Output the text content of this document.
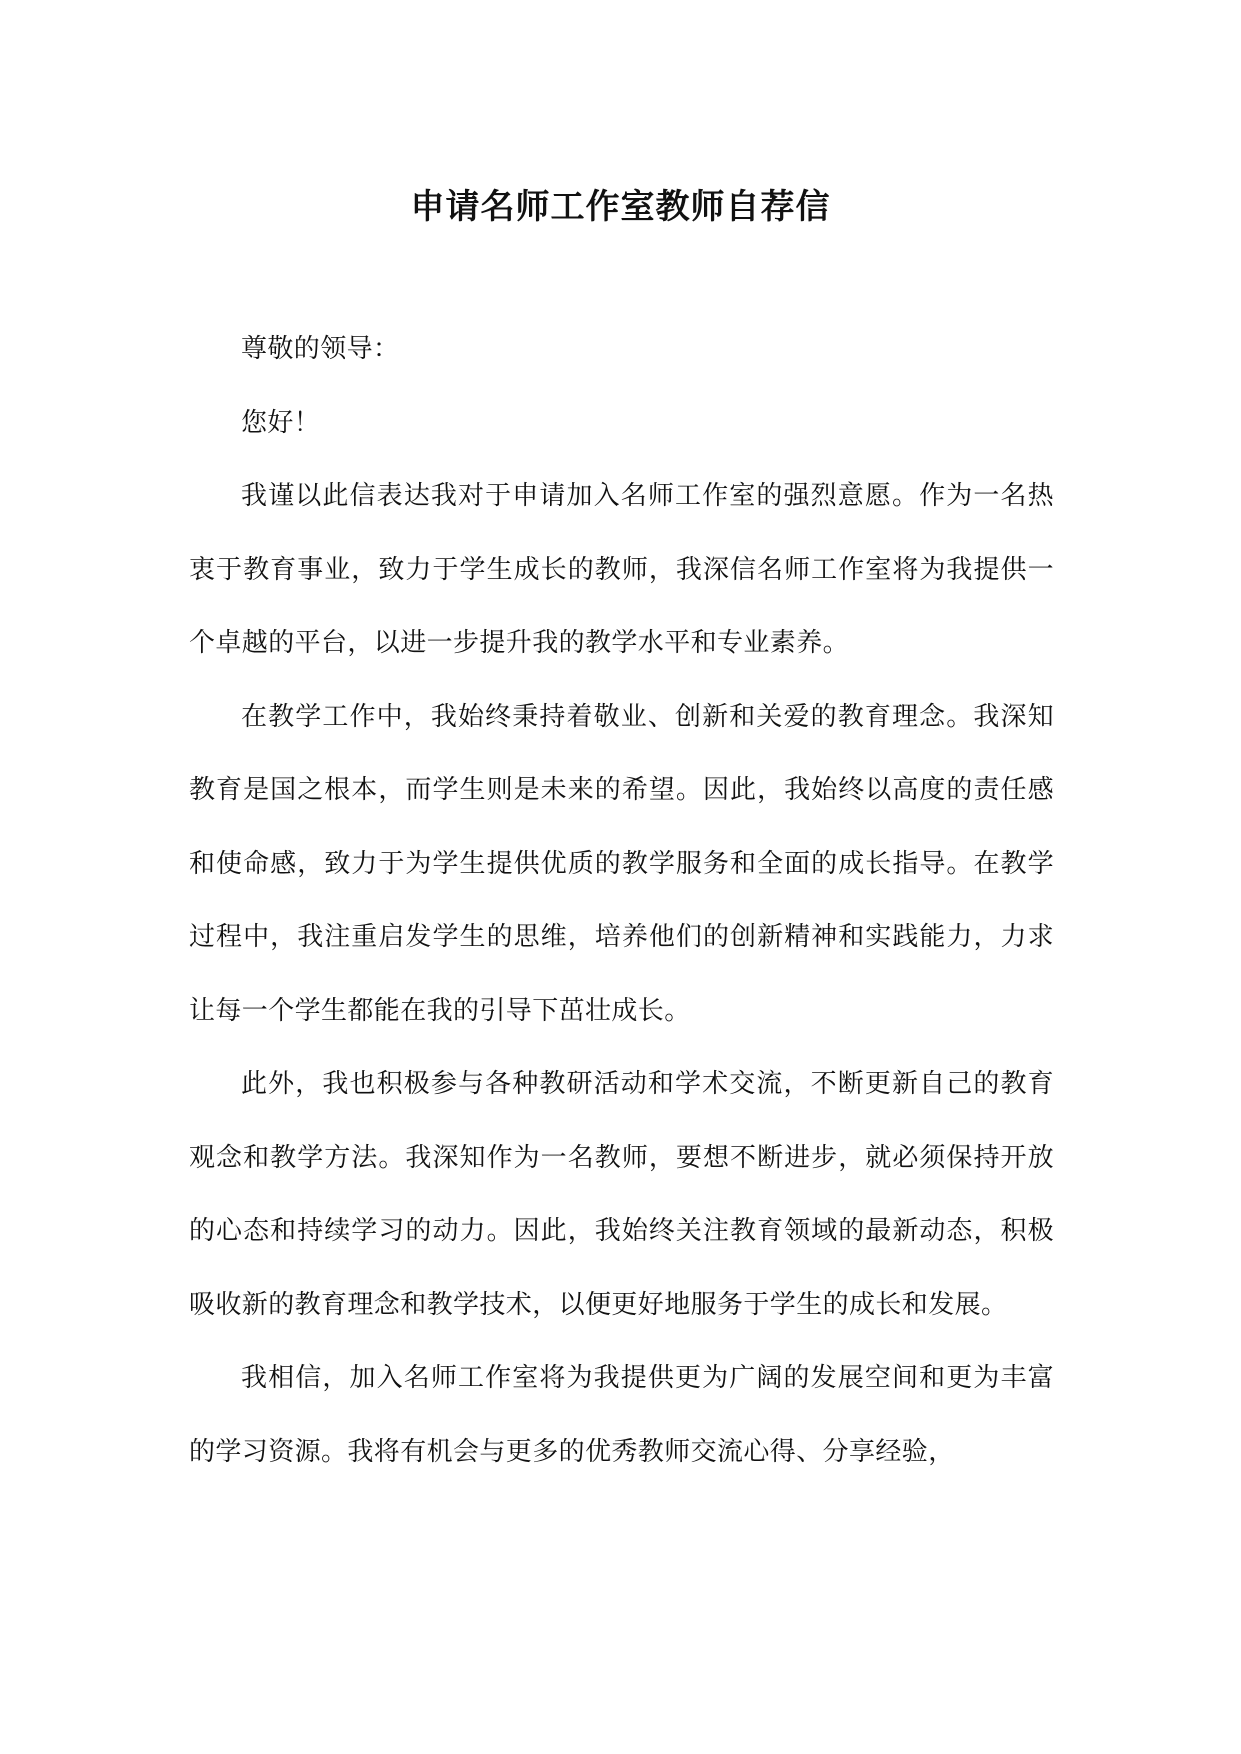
申请名师工作室教师自荐信

尊敬的领导：

您好！

我谨以此信表达我对于申请加入名师工作室的强烈意愿。作为一名热衷于教育事业，致力于学生成长的教师，我深信名师工作室将为我提供一个卓越的平台，以进一步提升我的教学水平和专业素养。

在教学工作中，我始终秉持着敬业、创新和关爱的教育理念。我深知教育是国之根本，而学生则是未来的希望。因此，我始终以高度的责任感和使命感，致力于为学生提供优质的教学服务和全面的成长指导。在教学过程中，我注重启发学生的思维，培养他们的创新精神和实践能力，力求让每一个学生都能在我的引导下茁壮成长。

此外，我也积极参与各种教研活动和学术交流，不断更新自己的教育观念和教学方法。我深知作为一名教师，要想不断进步，就必须保持开放的心态和持续学习的动力。因此，我始终关注教育领域的最新动态，积极吸收新的教育理念和教学技术，以便更好地服务于学生的成长和发展。

我相信，加入名师工作室将为我提供更为广阔的发展空间和更为丰富的学习资源。我将有机会与更多的优秀教师交流心得、分享经验，
